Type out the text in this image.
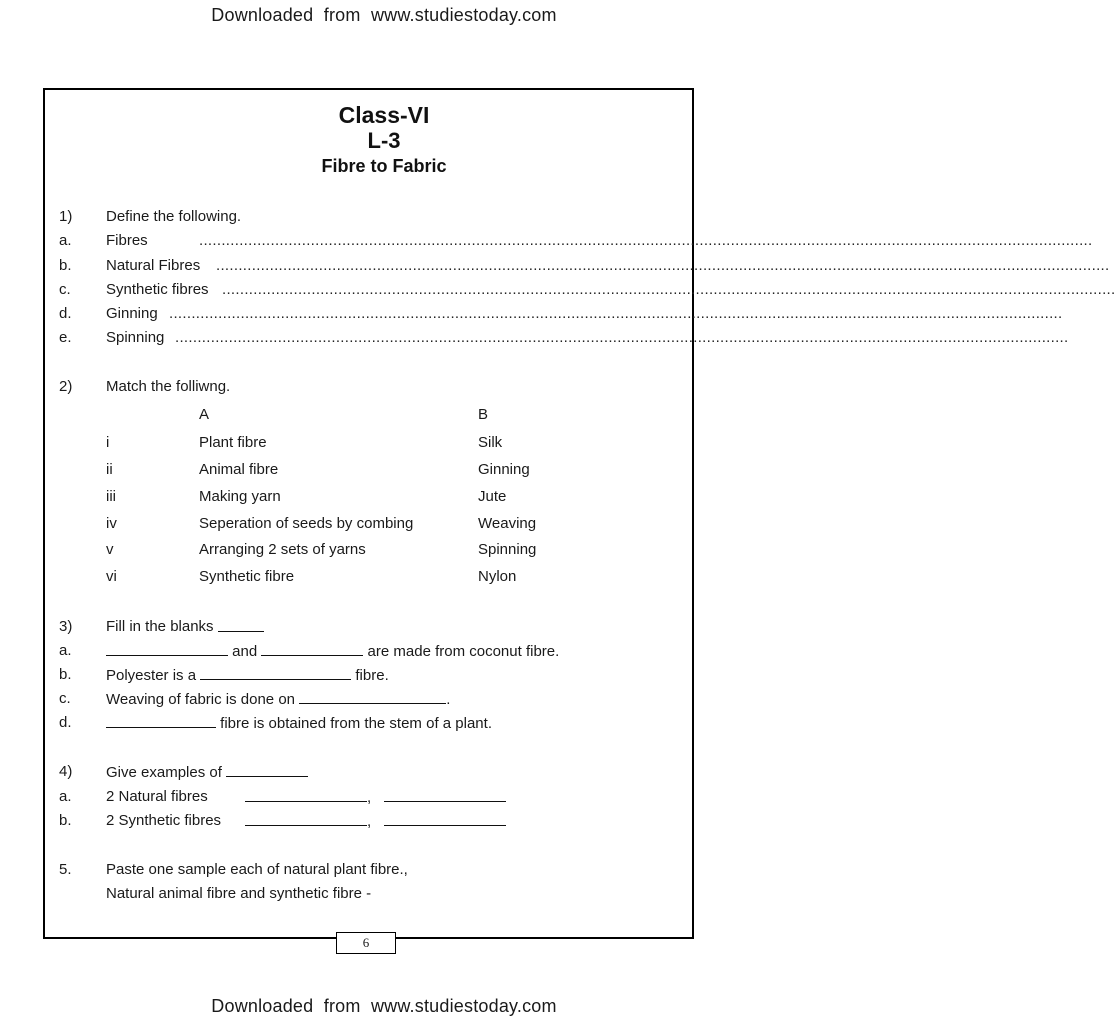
Downloaded  from  www.studiestoday.com
Class-VI
L-3
Fibre to Fabric
1) Define the following.
a. Fibres	........................................................................................................................................................................................................
b. Natural Fibres ........................................................................................................................................................................................................
c. Synthetic fibres ........................................................................................................................................................................................................
d. Ginning ........................................................................................................................................................................................................
e. Spinning ........................................................................................................................................................................................................
2) Match the folliwng.
A	B
i	Plant fibre	Silk
ii	Animal fibre	Ginning
iii	Making yarn	Jute
iv	Seperation of seeds by combing	Weaving
v	Arranging 2 sets of yarns	Spinning
vi	Synthetic fibre	Nylon
3) Fill in the blanks
a.	and	are made from coconut fibre.
b. Polyester is a	fibre.
c. Weaving of fabric is done on	.
d.	fibre is obtained from the stem of a plant.
4) Give examples of
a. 2 Natural fibres	,
b. 2 Synthetic fibres	,
5. Paste one sample each of natural plant fibre.,
Natural animal fibre and synthetic fibre -
6
Downloaded  from  www.studiestoday.com
